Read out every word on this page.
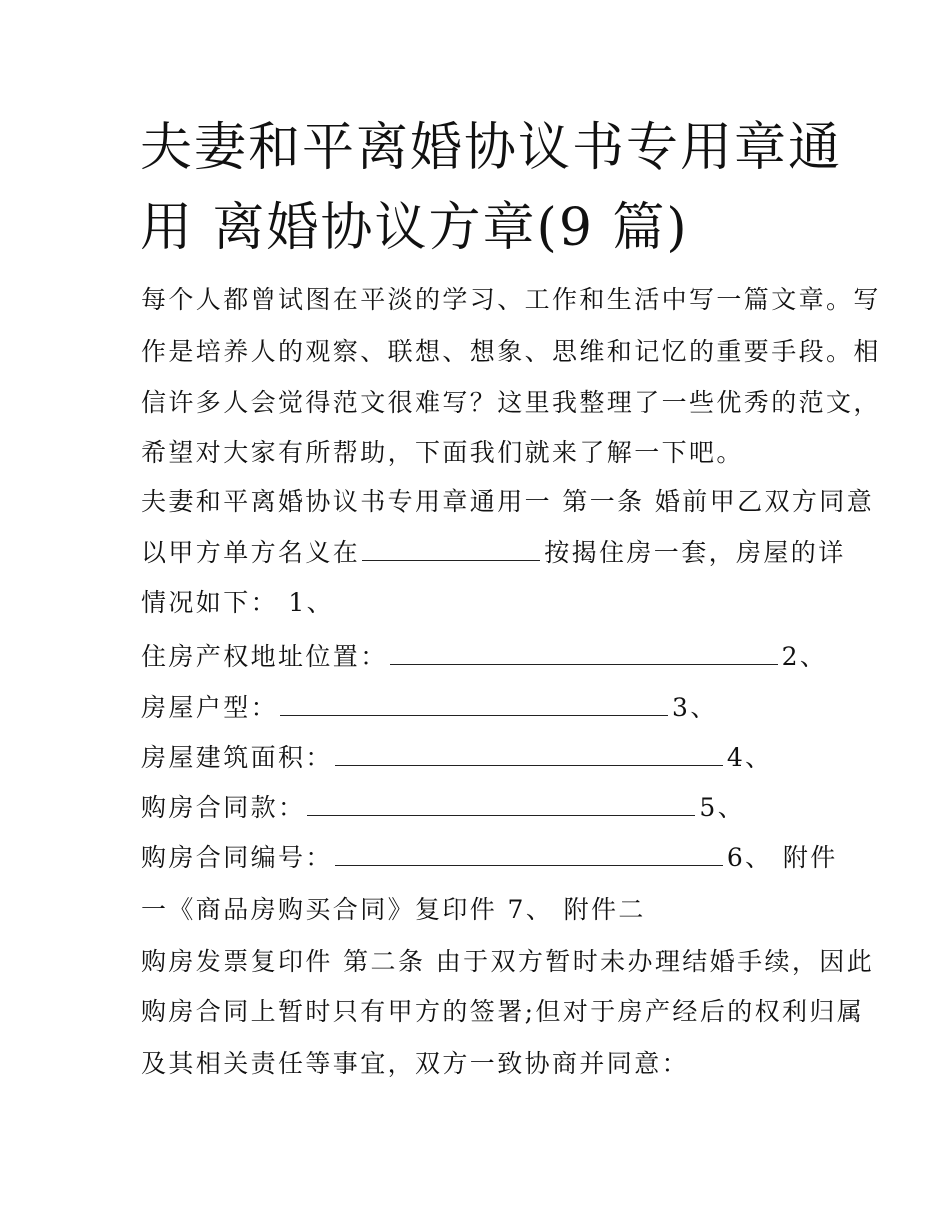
夫妻和平离婚协议书专用章通
用 离婚协议方章(9 篇)
每个人都曾试图在平淡的学习、工作和生活中写一篇文章。写
作是培养人的观察、联想、想象、思维和记忆的重要手段。相
信许多人会觉得范文很难写？这里我整理了一些优秀的范文，
希望对大家有所帮助，下面我们就来了解一下吧。
夫妻和平离婚协议书专用章通用一 第一条 婚前甲乙双方同意
以甲方单方名义在	按揭住房一套，房屋的详
情况如下： 1、
住房产权地址位置：	2、
房屋户型：	3、
房屋建筑面积：	4、
购房合同款：	5、
购房合同编号：	6、 附件
一《商品房购买合同》复印件 7、 附件二
购房发票复印件 第二条 由于双方暂时未办理结婚手续，因此
购房合同上暂时只有甲方的签署;但对于房产经后的权利归属
及其相关责任等事宜，双方一致协商并同意：
